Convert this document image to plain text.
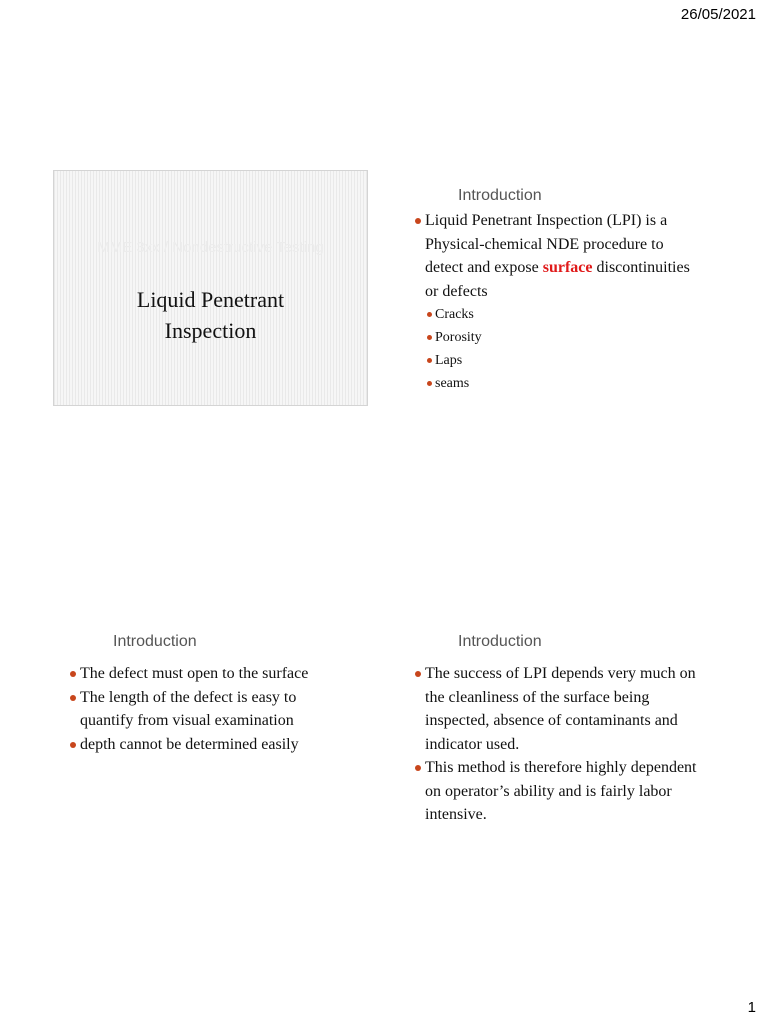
26/05/2021
MME 3xx / Nondestructive Testing
Liquid Penetrant
Inspection
Introduction
Liquid Penetrant Inspection (LPI) is a Physical-chemical NDE procedure to detect and expose surface discontinuities or defects
Cracks
Porosity
Laps
seams
Introduction
The defect must open to the surface
The length of the defect is easy to quantify from visual examination
depth cannot be determined easily
Introduction
The success of LPI depends very much on the cleanliness of the surface being inspected, absence of contaminants and indicator used.
This method is therefore highly dependent on operator’s ability and is fairly labor intensive.
1
